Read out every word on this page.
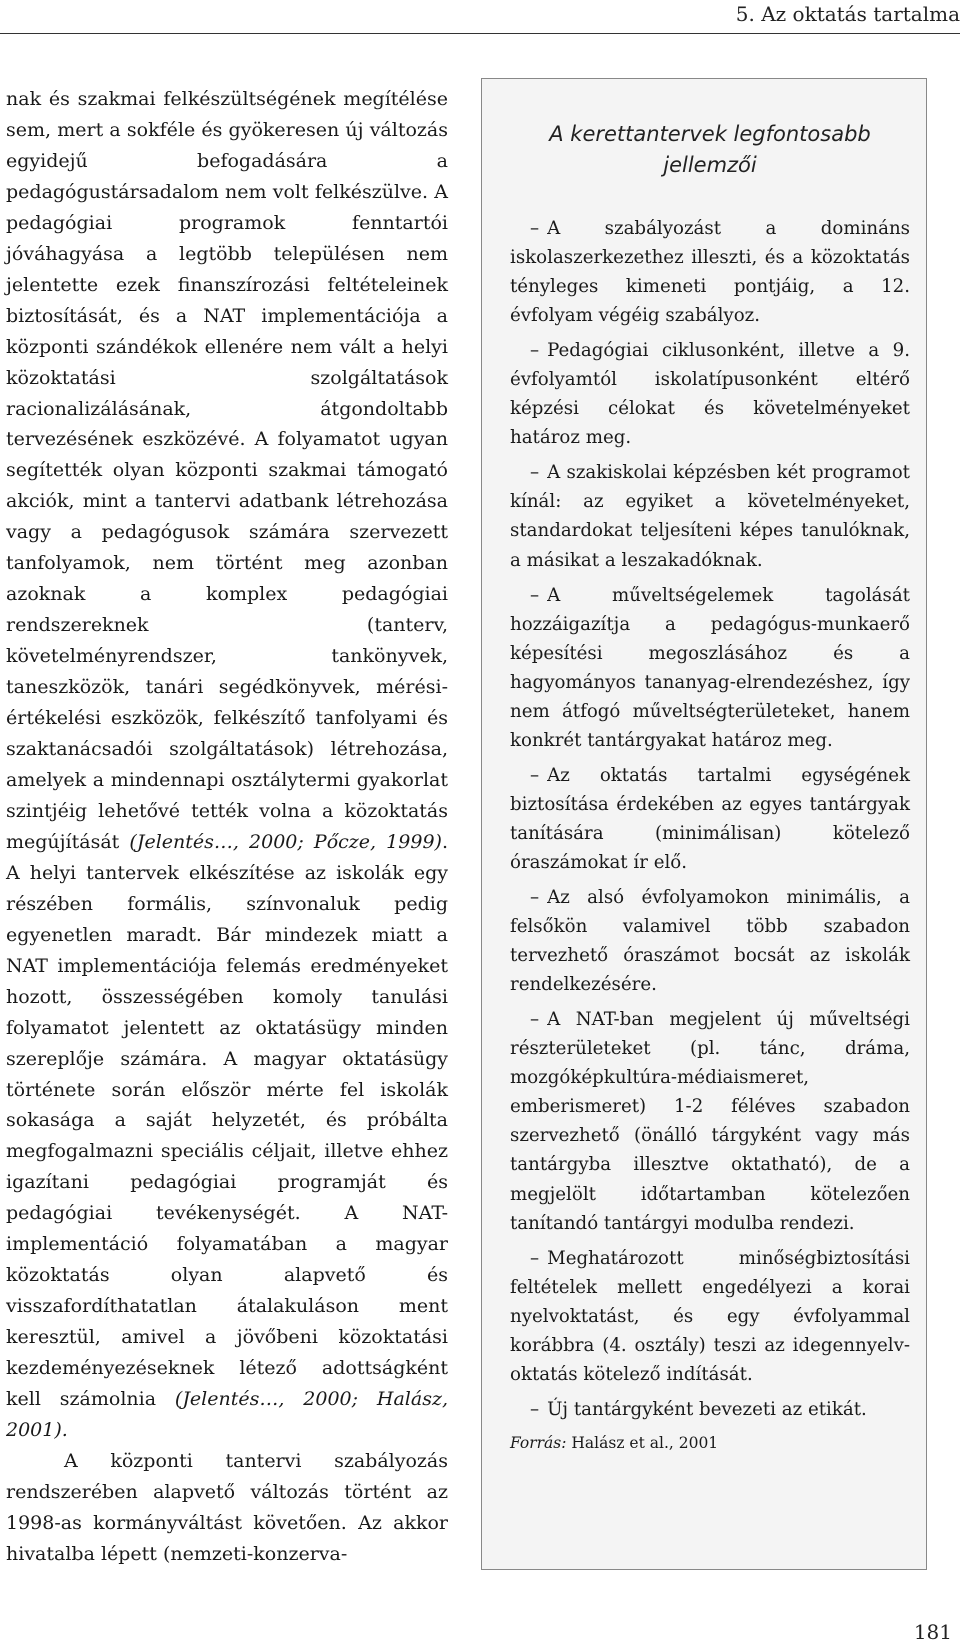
5. Az oktatás tartalma

nak és szakmai felkészültségének megítélése sem, mert a sokféle és gyökeresen új változás egyidejű befogadására a pedagógustársadalom nem volt felkészülve. A pedagógiai programok fenntartói jóváhagyása a legtöbb településen nem jelentette ezek finanszírozási feltételeinek biztosítását, és a NAT implementációja a központi szándékok ellenére nem vált a helyi közoktatási szolgáltatások racionalizálásának, átgondoltabb tervezésének eszközévé. A folyamatot ugyan segítették olyan központi szakmai támogató akciók, mint a tantervi adatbank létrehozása vagy a pedagógusok számára szervezett tanfolyamok, nem történt meg azonban azoknak a komplex pedagógiai rendszereknek (tanterv, követelményrendszer, tankönyvek, taneszközök, tanári segédkönyvek, mérési-értékelési eszközök, felkészítő tanfolyami és szaktanácsadói szolgáltatások) létrehozása, amelyek a mindennapi osztálytermi gyakorlat szintjéig lehetővé tették volna a közoktatás megújítását (Jelentés…, 2000; Pőcze, 1999). A helyi tantervek elkészítése az iskolák egy részében formális, színvonaluk pedig egyenetlen maradt. Bár mindezek miatt a NAT implementációja felemás eredményeket hozott, összességében komoly tanulási folyamatot jelentett az oktatásügy minden szereplője számára. A magyar oktatásügy története során először mérte fel iskolák sokasága a saját helyzetét, és próbálta megfogalmazni speciális céljait, illetve ehhez igazítani pedagógiai programját és pedagógiai tevékenységét. A NAT-implementáció folyamatában a magyar közoktatás olyan alapvető és visszafordíthatatlan átalakuláson ment keresztül, amivel a jövőbeni közoktatási kezdeményezéseknek létező adottságként kell számolnia (Jelentés…, 2000; Halász, 2001).

A központi tantervi szabályozás rendszerében alapvető változás történt az 1998-as kormányváltást követően. Az akkor hivatalba lépett (nemzeti-konzerva-

A kerettantervek legfontosabb jellemzői
– A szabályozást a domináns iskolaszerkezethez illeszti, és a közoktatás tényleges kimeneti pontjáig, a 12. évfolyam végéig szabályoz.
– Pedagógiai ciklusonként, illetve a 9. évfolyamtól iskolatípusonként eltérő képzési célokat és követelményeket határoz meg.
– A szakiskolai képzésben két programot kínál: az egyiket a követelményeket, standardokat teljesíteni képes tanulóknak, a másikat a leszakadóknak.
– A műveltségelemek tagolását hozzáigazítja a pedagógus-munkaerő képesítési megoszlásához és a hagyományos tananyag-elrendezéshez, így nem átfogó műveltségterületeket, hanem konkrét tantárgyakat határoz meg.
– Az oktatás tartalmi egységének biztosítása érdekében az egyes tantárgyak tanítására (minimálisan) kötelező óraszámokat ír elő.
– Az alsó évfolyamokon minimális, a felsőkön valamivel több szabadon tervezhető óraszámot bocsát az iskolák rendelkezésére.
– A NAT-ban megjelent új műveltségi részterületeket (pl. tánc, dráma, mozgóképkultúra-médiaismeret, emberismeret) 1-2 féléves szabadon szervezhető (önálló tárgyként vagy más tantárgyba illesztve oktatható), de a megjelölt időtartamban kötelezően tanítandó tantárgyi modulba rendezi.
– Meghatározott minőségbiztosítási feltételek mellett engedélyezi a korai nyelvoktatást, és egy évfolyammal korábbra (4. osztály) teszi az idegennyelv-oktatás kötelező indítását.
– Új tantárgyként bevezeti az etikát.
Forrás: Halász et al., 2001
181
